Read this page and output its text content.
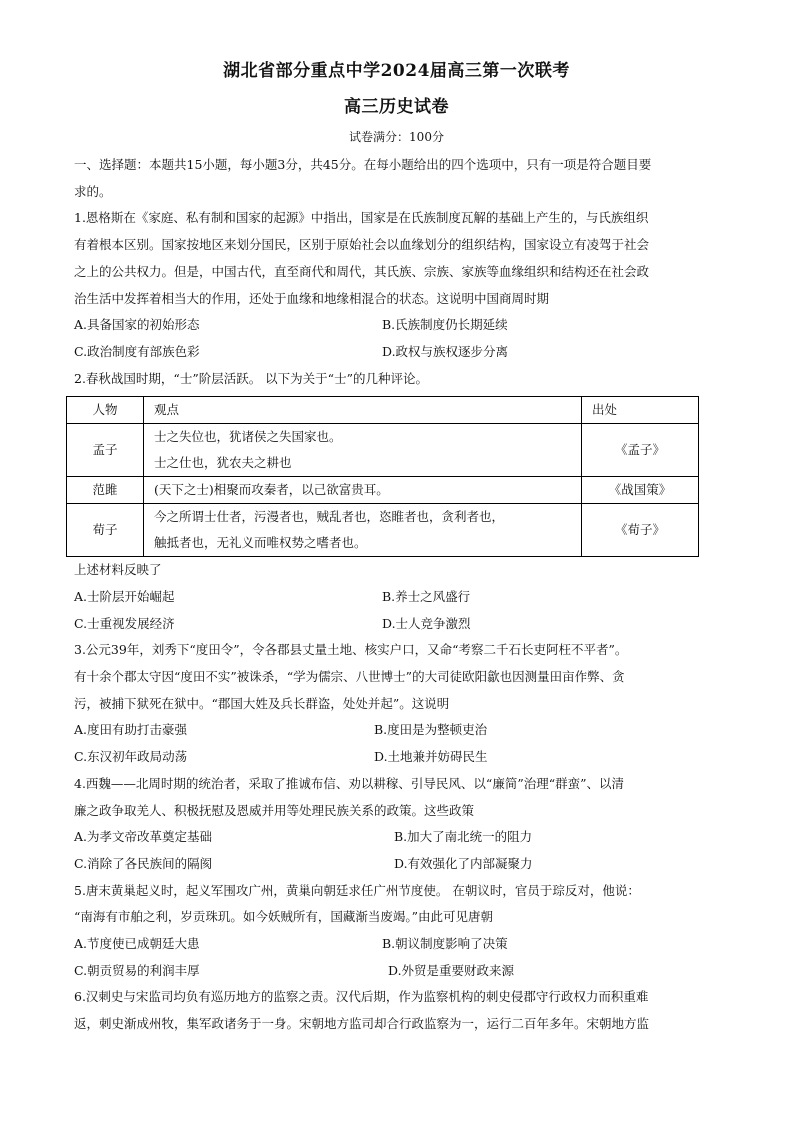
湖北省部分重点中学2024届高三第一次联考
高三历史试卷
试卷满分：100分
一、选择题：本题共15小题，每小题3分，共45分。在每小题给出的四个选项中，只有一项是符合题目要
求的。
1.恩格斯在《家庭、私有制和国家的起源》中指出，国家是在氏族制度瓦解的基础上产生的，与氏族组织
有着根本区别。国家按地区来划分国民，区别于原始社会以血缘划分的组织结构，国家设立有凌驾于社会
之上的公共权力。但是，中国古代，直至商代和周代，其氏族、宗族、家族等血缘组织和结构还在社会政
治生活中发挥着相当大的作用，还处于血缘和地缘相混合的状态。这说明中国商周时期
A.具备国家的初始形态	B.氏族制度仍长期延续
C.政治制度有部族色彩	D.政权与族权逐步分离
2.春秋战国时期，“士”阶层活跃。 以下为关于“士”的几种评论。
人物	观点	出处
孟子	士之失位也，犹诸侯之失国家也。
士之仕也，犹农夫之耕也	《孟子》
范雎	(天下之士)相聚而攻秦者，以己欲富贵耳。	《战国策》
荀子	今之所谓士仕者，污漫者也，贼乱者也，恣睢者也，贪利者也，
触抵者也，无礼义而唯权势之嗜者也。	《荀子》
上述材料反映了
A.士阶层开始崛起	B.养士之风盛行
C.士重视发展经济	D.士人竞争激烈
3.公元39年，刘秀下“度田令”，令各郡县丈量土地、核实户口，又命“考察二千石长吏阿枉不平者”。
有十余个郡太守因“度田不实”被诛杀，“学为儒宗、八世博士”的大司徒欧阳歙也因测量田亩作弊、贪
污，被捕下狱死在狱中。“郡国大姓及兵长群盗，处处并起”。这说明
A.度田有助打击豪强	B.度田是为整顿吏治
C.东汉初年政局动荡	D.土地兼并妨碍民生
4.西魏——北周时期的统治者，采取了推诚布信、劝以耕稼、引导民风、以“廉简”治理“群蛮”、以清
廉之政争取羌人、积极抚慰及恩威并用等处理民族关系的政策。这些政策
A.为孝文帝改革奠定基础	B.加大了南北统一的阻力
C.消除了各民族间的隔阂	D.有效强化了内部凝聚力
5.唐末黄巢起义时，起义军围攻广州，黄巢向朝廷求任广州节度使。 在朝议时，官员于琮反对，他说：
“南海有市舶之利，岁贡珠玑。如今妖贼所有，国藏渐当废竭。”由此可见唐朝
A.节度使已成朝廷大患	B.朝议制度影响了决策
C.朝贡贸易的利润丰厚	D.外贸是重要财政来源
6.汉刺史与宋监司均负有巡历地方的监察之责。汉代后期，作为监察机构的刺史侵郡守行政权力而积重难
返，刺史渐成州牧，集军政诸务于一身。宋朝地方监司却合行政监察为一，运行二百年多年。宋朝地方监
